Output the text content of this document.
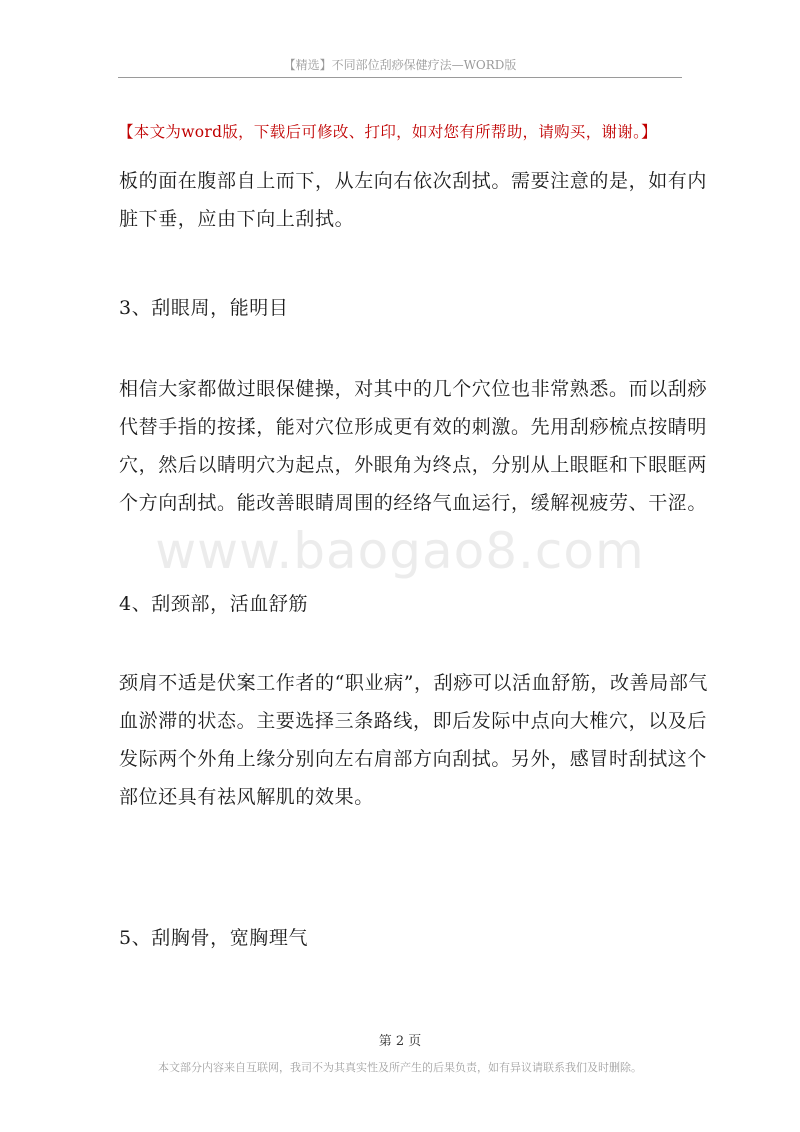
【精选】不同部位刮痧保健疗法—WORD版
【本文为word版，下载后可修改、打印，如对您有所帮助，请购买，谢谢。】
板的面在腹部自上而下，从左向右依次刮拭。需要注意的是，如有内
脏下垂，应由下向上刮拭。
3、刮眼周，能明目
相信大家都做过眼保健操，对其中的几个穴位也非常熟悉。而以刮痧
代替手指的按揉，能对穴位形成更有效的刺激。先用刮痧梳点按睛明
穴，然后以睛明穴为起点，外眼角为终点，分别从上眼眶和下眼眶两
个方向刮拭。能改善眼睛周围的经络气血运行，缓解视疲劳、干涩。
www.baogao8.com
4、刮颈部，活血舒筋
颈肩不适是伏案工作者的“职业病”，刮痧可以活血舒筋，改善局部气
血淤滞的状态。主要选择三条路线，即后发际中点向大椎穴，以及后
发际两个外角上缘分别向左右肩部方向刮拭。另外，感冒时刮拭这个
部位还具有祛风解肌的效果。
5、刮胸骨，宽胸理气
第 2 页
本文部分内容来自互联网，我司不为其真实性及所产生的后果负责，如有异议请联系我们及时删除。
